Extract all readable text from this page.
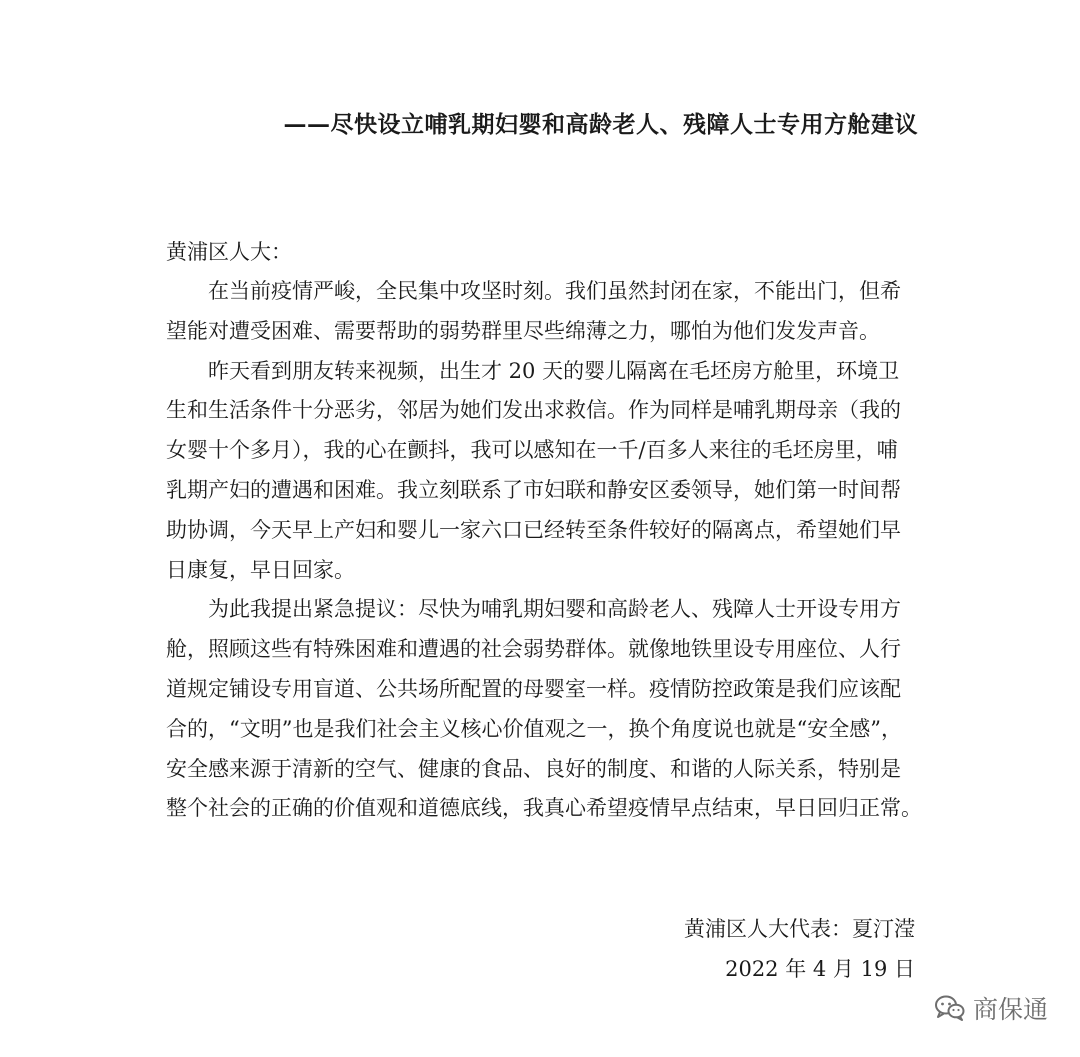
——尽快设立哺乳期妇婴和高龄老人、残障人士专用方舱建议
黄浦区人大：
在当前疫情严峻，全民集中攻坚时刻。我们虽然封闭在家，不能出门，但希
望能对遭受困难、需要帮助的弱势群里尽些绵薄之力，哪怕为他们发发声音。
昨天看到朋友转来视频，出生才 20 天的婴儿隔离在毛坯房方舱里，环境卫
生和生活条件十分恶劣，邻居为她们发出求救信。作为同样是哺乳期母亲（我的
女婴十个多月），我的心在颤抖，我可以感知在一千/百多人来往的毛坯房里，哺
乳期产妇的遭遇和困难。我立刻联系了市妇联和静安区委领导，她们第一时间帮
助协调，今天早上产妇和婴儿一家六口已经转至条件较好的隔离点，希望她们早
日康复，早日回家。
为此我提出紧急提议：尽快为哺乳期妇婴和高龄老人、残障人士开设专用方
舱，照顾这些有特殊困难和遭遇的社会弱势群体。就像地铁里设专用座位、人行
道规定铺设专用盲道、公共场所配置的母婴室一样。疫情防控政策是我们应该配
合的，“文明”也是我们社会主义核心价值观之一，换个角度说也就是“安全感”，
安全感来源于清新的空气、健康的食品、良好的制度、和谐的人际关系，特别是
整个社会的正确的价值观和道德底线，我真心希望疫情早点结束，早日回归正常。
黄浦区人大代表：夏汀滢
2022 年 4 月 19 日
商保通
